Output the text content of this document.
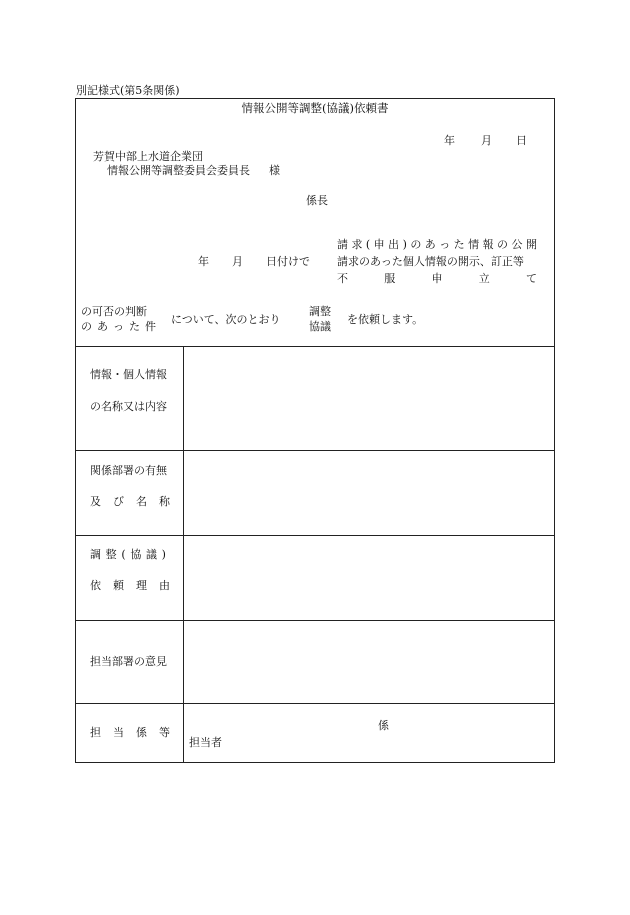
別記様式(第5条関係)
情報公開等調整(協議)依頼書
年 月 日
芳賀中部上水道企業団
情報公開等調整委員会委員長 様
係長
請 求 ( 申 出 ) の あ っ た 情 報 の 公 開
請求のあった個人情報の開示、訂正等
不	服	申	立	て
年 月 日付けで
の可否の判断
の あ っ た 件
について、次のとおり
調整
協議
を依頼します。
情報・個人情報
の名称又は内容
関係部署の有無
及 び 名 称
調 整 ( 協 議 )
依 頼 理 由
担当部署の意見
担 当 係 等
係
担当者
